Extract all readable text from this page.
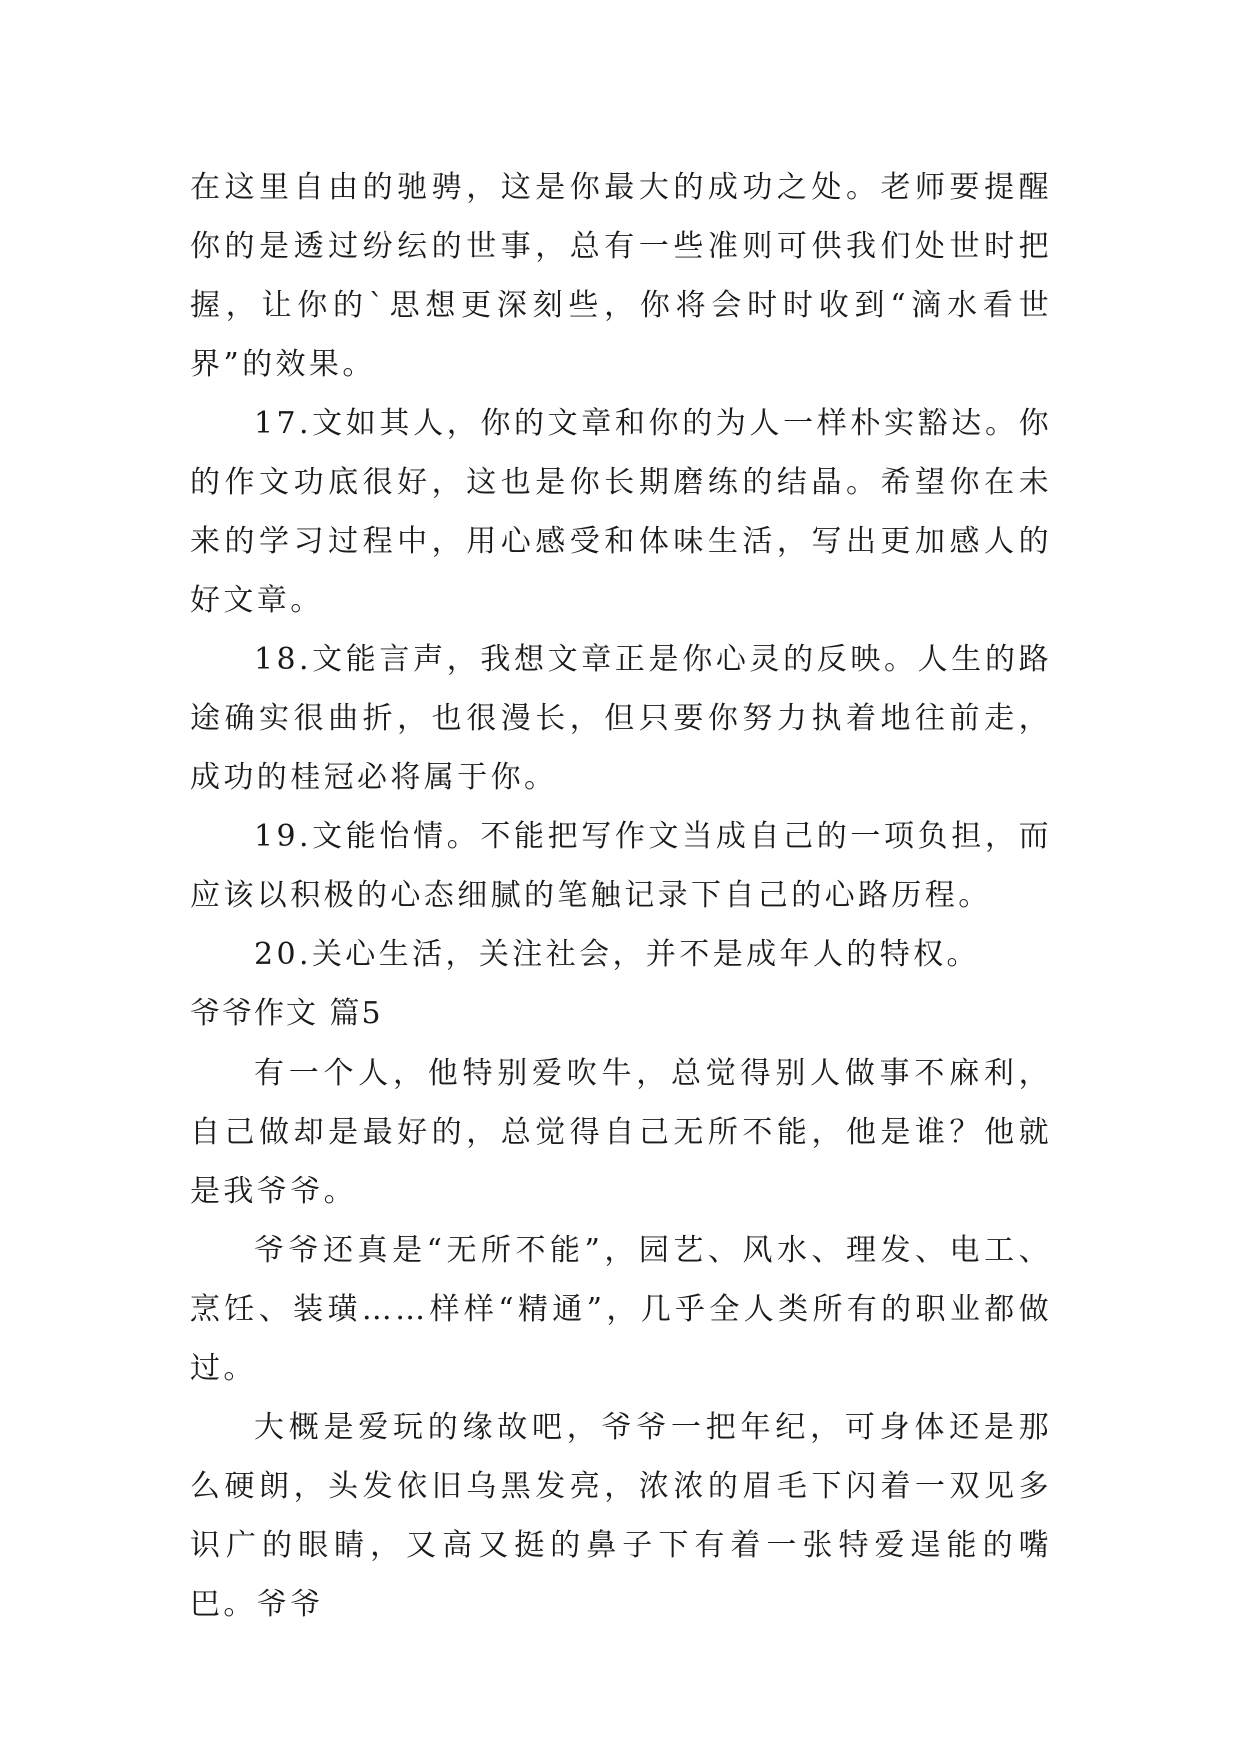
在这里自由的驰骋，这是你最大的成功之处。老师要提醒你的是透过纷纭的世事，总有一些准则可供我们处世时把握，让你的`思想更深刻些，你将会时时收到“滴水看世界”的效果。

17.文如其人，你的文章和你的为人一样朴实豁达。你的作文功底很好，这也是你长期磨练的结晶。希望你在未来的学习过程中，用心感受和体味生活，写出更加感人的好文章。

18.文能言声，我想文章正是你心灵的反映。人生的路途确实很曲折，也很漫长，但只要你努力执着地往前走，成功的桂冠必将属于你。

19.文能怡情。不能把写作文当成自己的一项负担，而应该以积极的心态细腻的笔触记录下自己的心路历程。

20.关心生活，关注社会，并不是成年人的特权。

爷爷作文 篇5

有一个人，他特别爱吹牛，总觉得别人做事不麻利，自己做却是最好的，总觉得自己无所不能，他是谁？他就是我爷爷。

爷爷还真是“无所不能”，园艺、风水、理发、电工、烹饪、装璜……样样“精通”，几乎全人类所有的职业都做过。

大概是爱玩的缘故吧，爷爷一把年纪，可身体还是那么硬朗，头发依旧乌黑发亮，浓浓的眉毛下闪着一双见多识广的眼睛，又高又挺的鼻子下有着一张特爱逞能的嘴巴。爷爷
